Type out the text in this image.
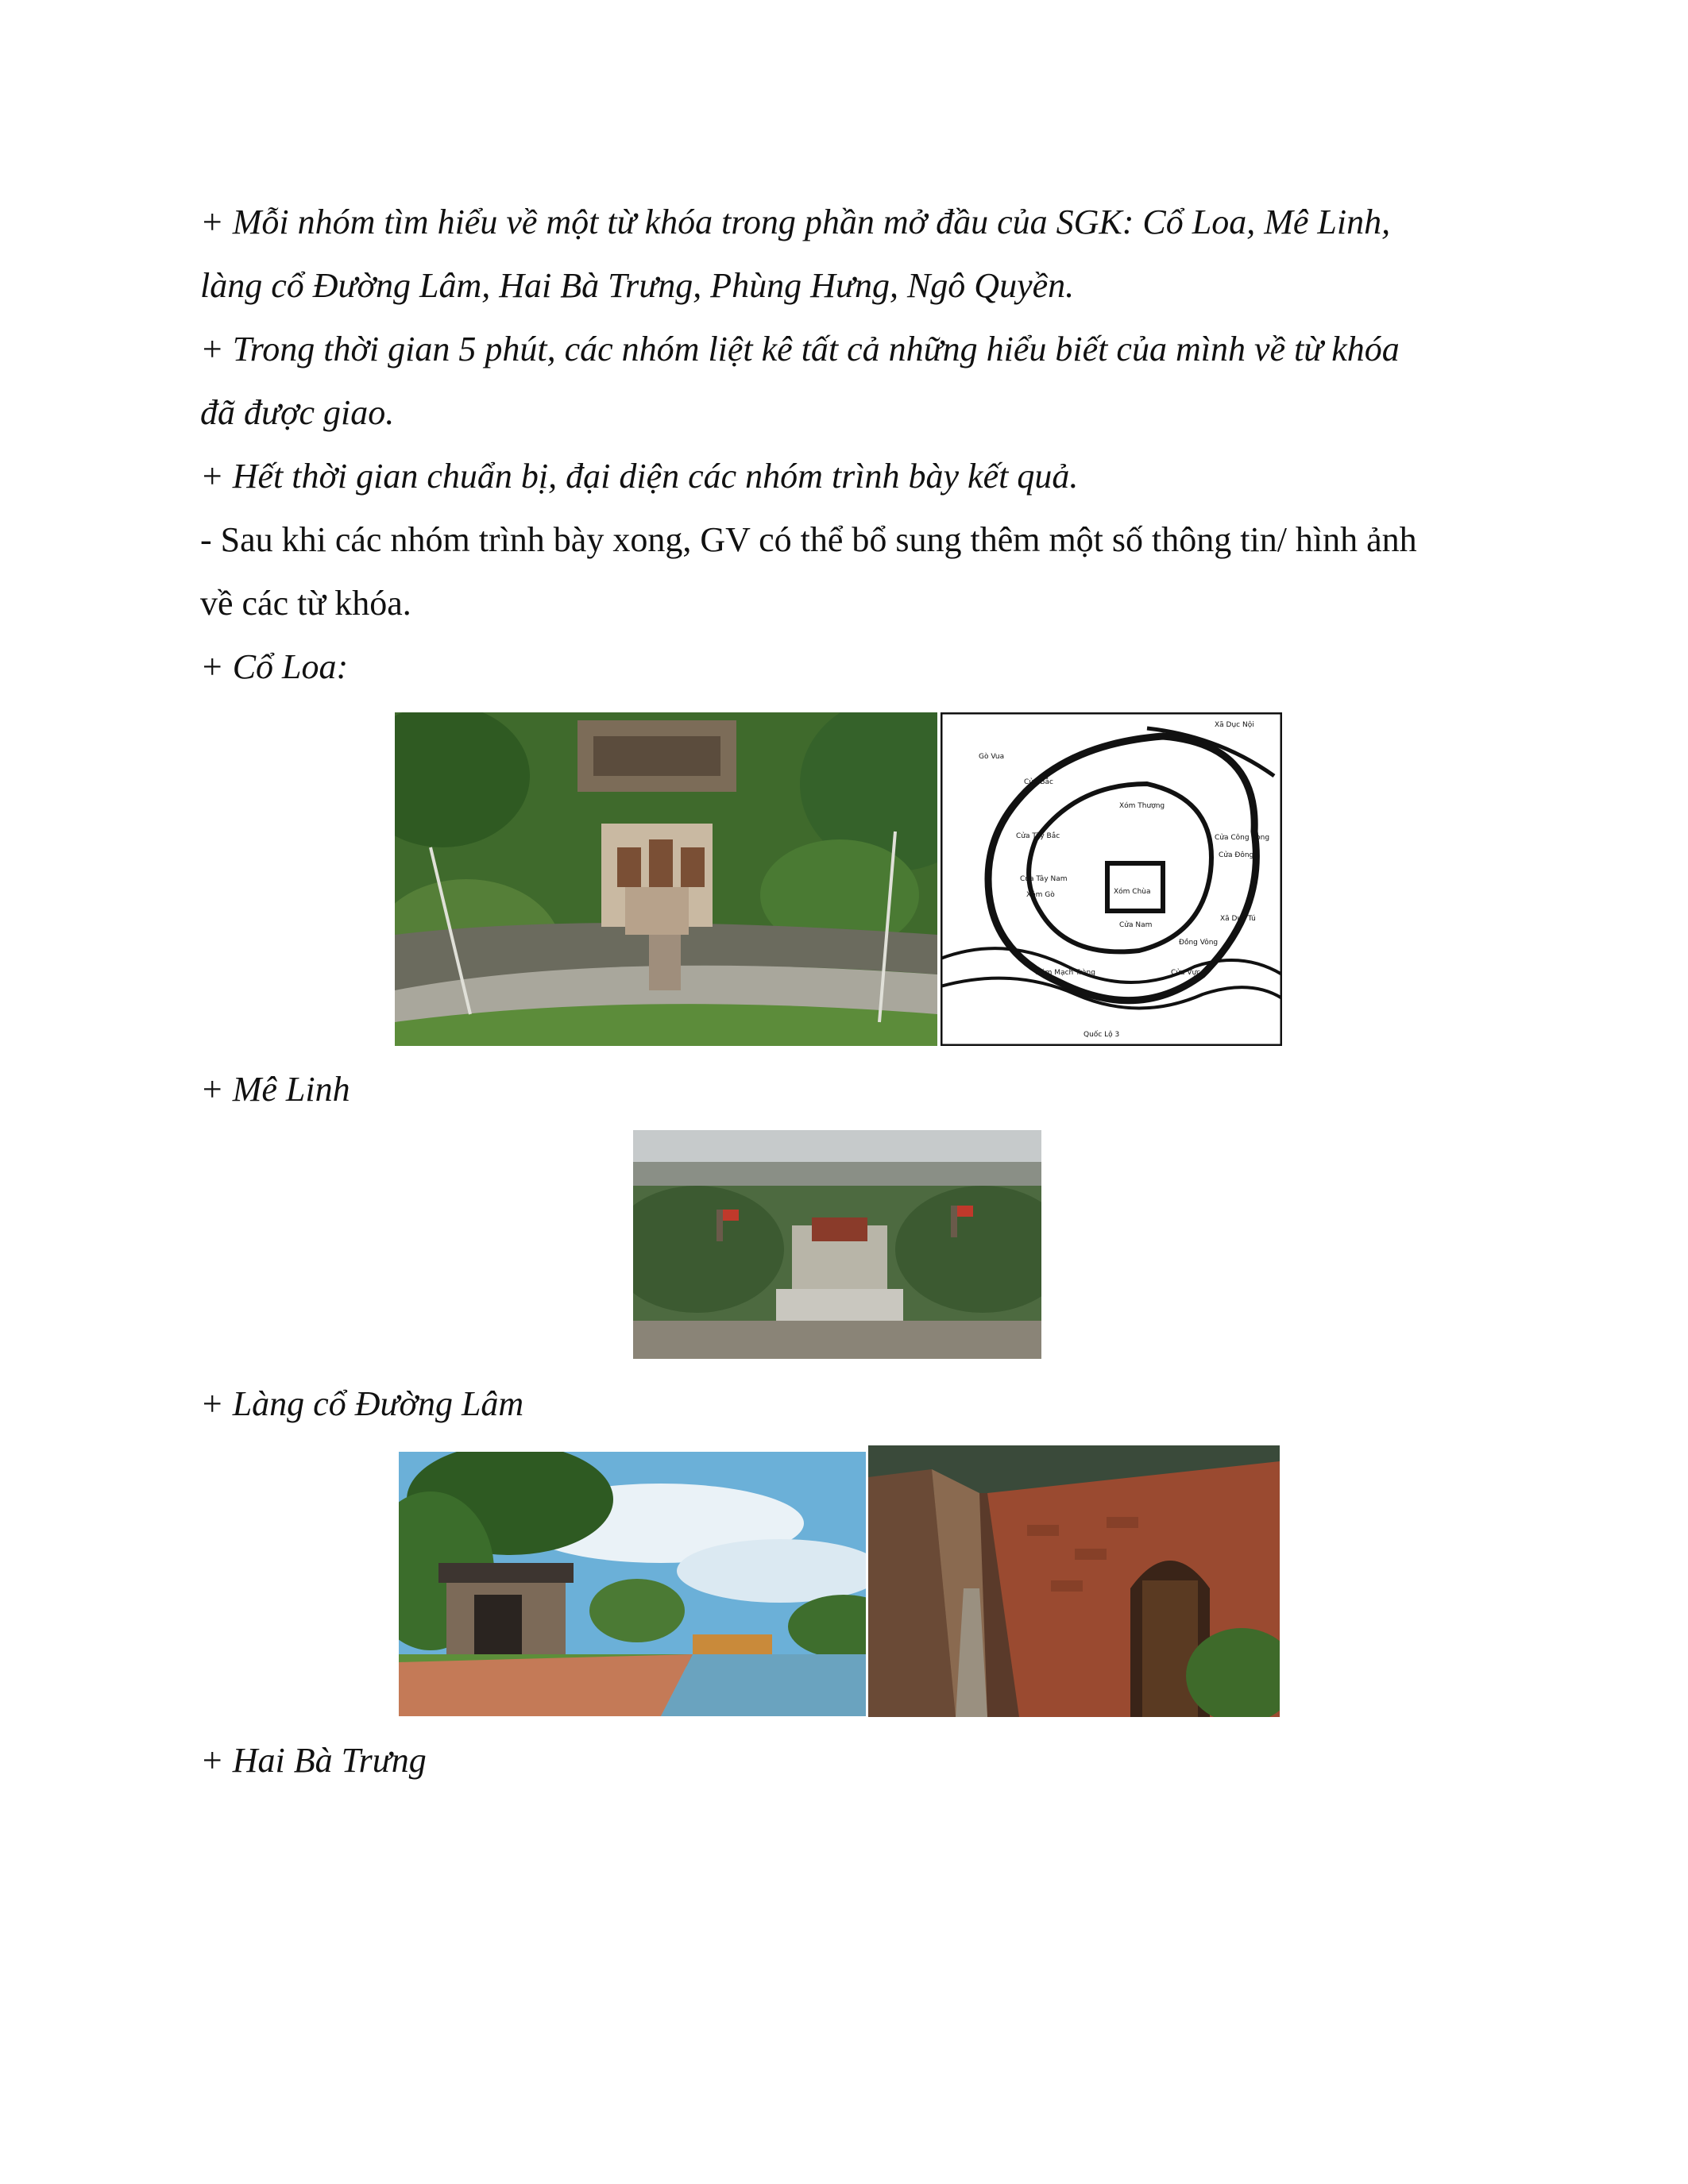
+ Mỗi nhóm tìm hiểu về một từ khóa trong phần mở đầu của SGK: Cổ Loa, Mê Linh,
làng cổ Đường Lâm, Hai Bà Trưng, Phùng Hưng, Ngô Quyền.
+ Trong thời gian 5 phút, các nhóm liệt kê tất cả những hiểu biết của mình về từ khóa
đã được giao.
+ Hết thời gian chuẩn bị, đại diện các nhóm trình bày kết quả.
- Sau khi các nhóm trình bày xong, GV có thể bổ sung thêm một số thông tin/ hình ảnh
về các từ khóa.
+ Cổ Loa:
Xã Dục Nội
Gò Vua
Cửa Bắc
Xóm Thượng
Cửa Tây Bắc	Cửa Công Song
Cửa Đông
Cửa Tây Nam
Xóm Gò	Xóm Chùa
Cửa Nam
Xã Dục Tú
Đồng Vông
Cửa Vực
Xóm Mạch Tràng
Quốc Lộ 3
+ Mê Linh
+ Làng cổ Đường Lâm
+ Hai Bà Trưng
